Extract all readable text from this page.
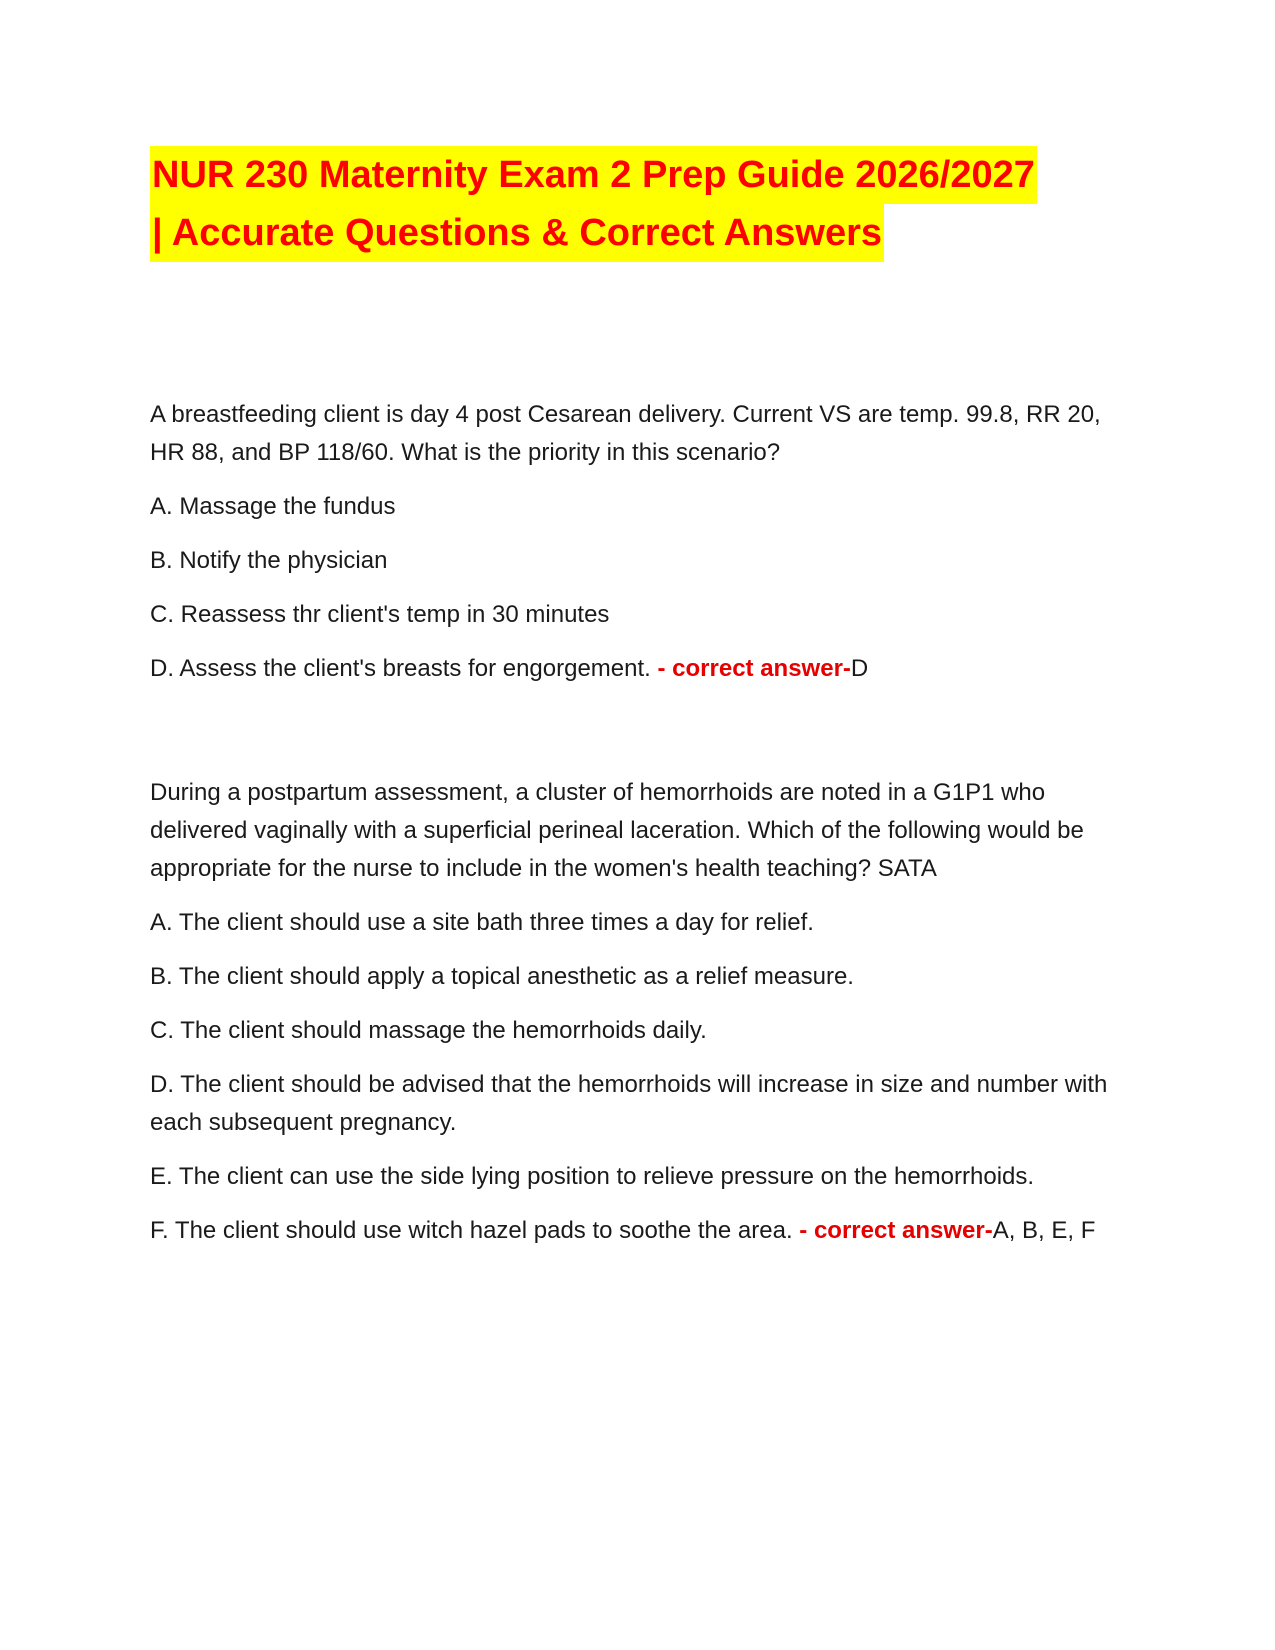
NUR 230 Maternity Exam 2 Prep Guide 2026/2027
| Accurate Questions & Correct Answers
A breastfeeding client is day 4 post Cesarean delivery. Current VS are temp. 99.8, RR 20, HR 88, and BP 118/60. What is the priority in this scenario?
A. Massage the fundus
B. Notify the physician
C. Reassess thr client's temp in 30 minutes
D. Assess the client's breasts for engorgement. - correct answer-D
During a postpartum assessment, a cluster of hemorrhoids are noted in a G1P1 who delivered vaginally with a superficial perineal laceration. Which of the following would be appropriate for the nurse to include in the women's health teaching? SATA
A. The client should use a site bath three times a day for relief.
B. The client should apply a topical anesthetic as a relief measure.
C. The client should massage the hemorrhoids daily.
D. The client should be advised that the hemorrhoids will increase in size and number with each subsequent pregnancy.
E. The client can use the side lying position to relieve pressure on the hemorrhoids.
F. The client should use witch hazel pads to soothe the area. - correct answer-A, B, E, F
